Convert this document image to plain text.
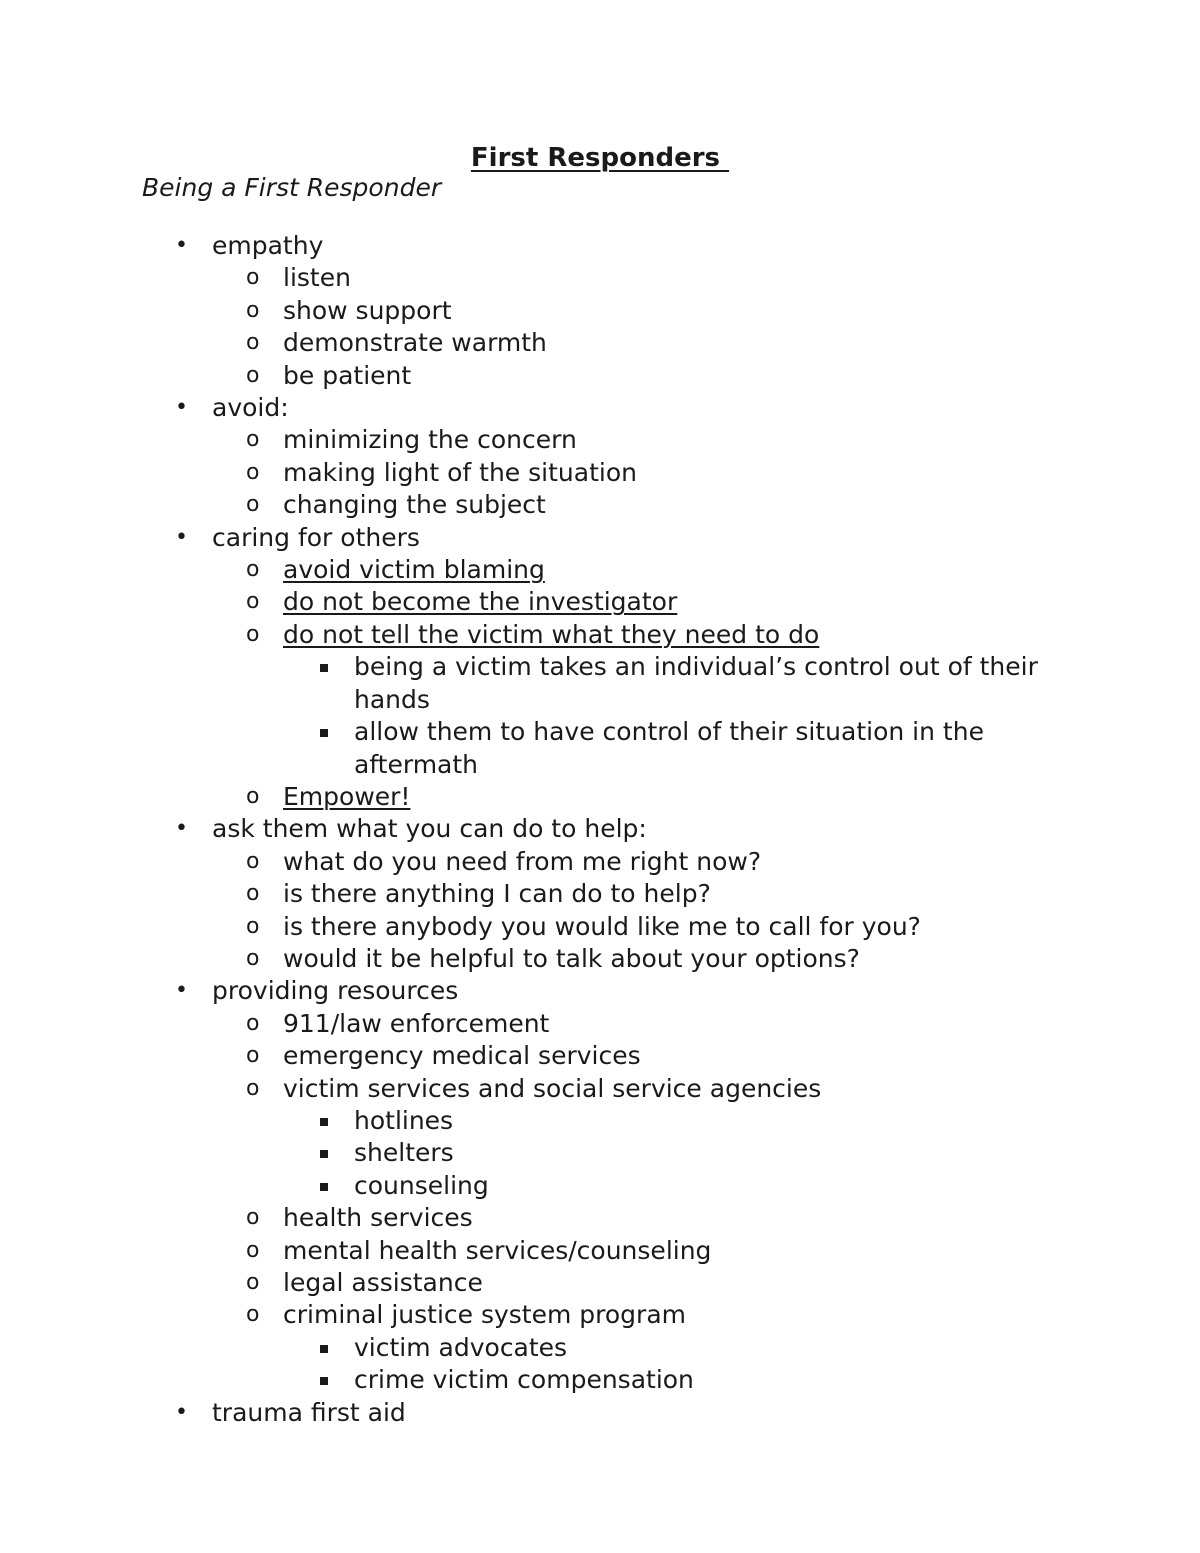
First Responders
Being a First Responder
• empathy
o listen
o show support
o demonstrate warmth
o be patient
• avoid:
o minimizing the concern
o making light of the situation
o changing the subject
• caring for others
o avoid victim blaming
o do not become the investigator
o do not tell the victim what they need to do
being a victim takes an individual’s control out of their hands
allow them to have control of their situation in the aftermath
o Empower!
• ask them what you can do to help:
o what do you need from me right now?
o is there anything I can do to help?
o is there anybody you would like me to call for you?
o would it be helpful to talk about your options?
• providing resources
o 911/law enforcement
o emergency medical services
o victim services and social service agencies
hotlines
shelters
counseling
o health services
o mental health services/counseling
o legal assistance
o criminal justice system program
victim advocates
crime victim compensation
• trauma first aid
